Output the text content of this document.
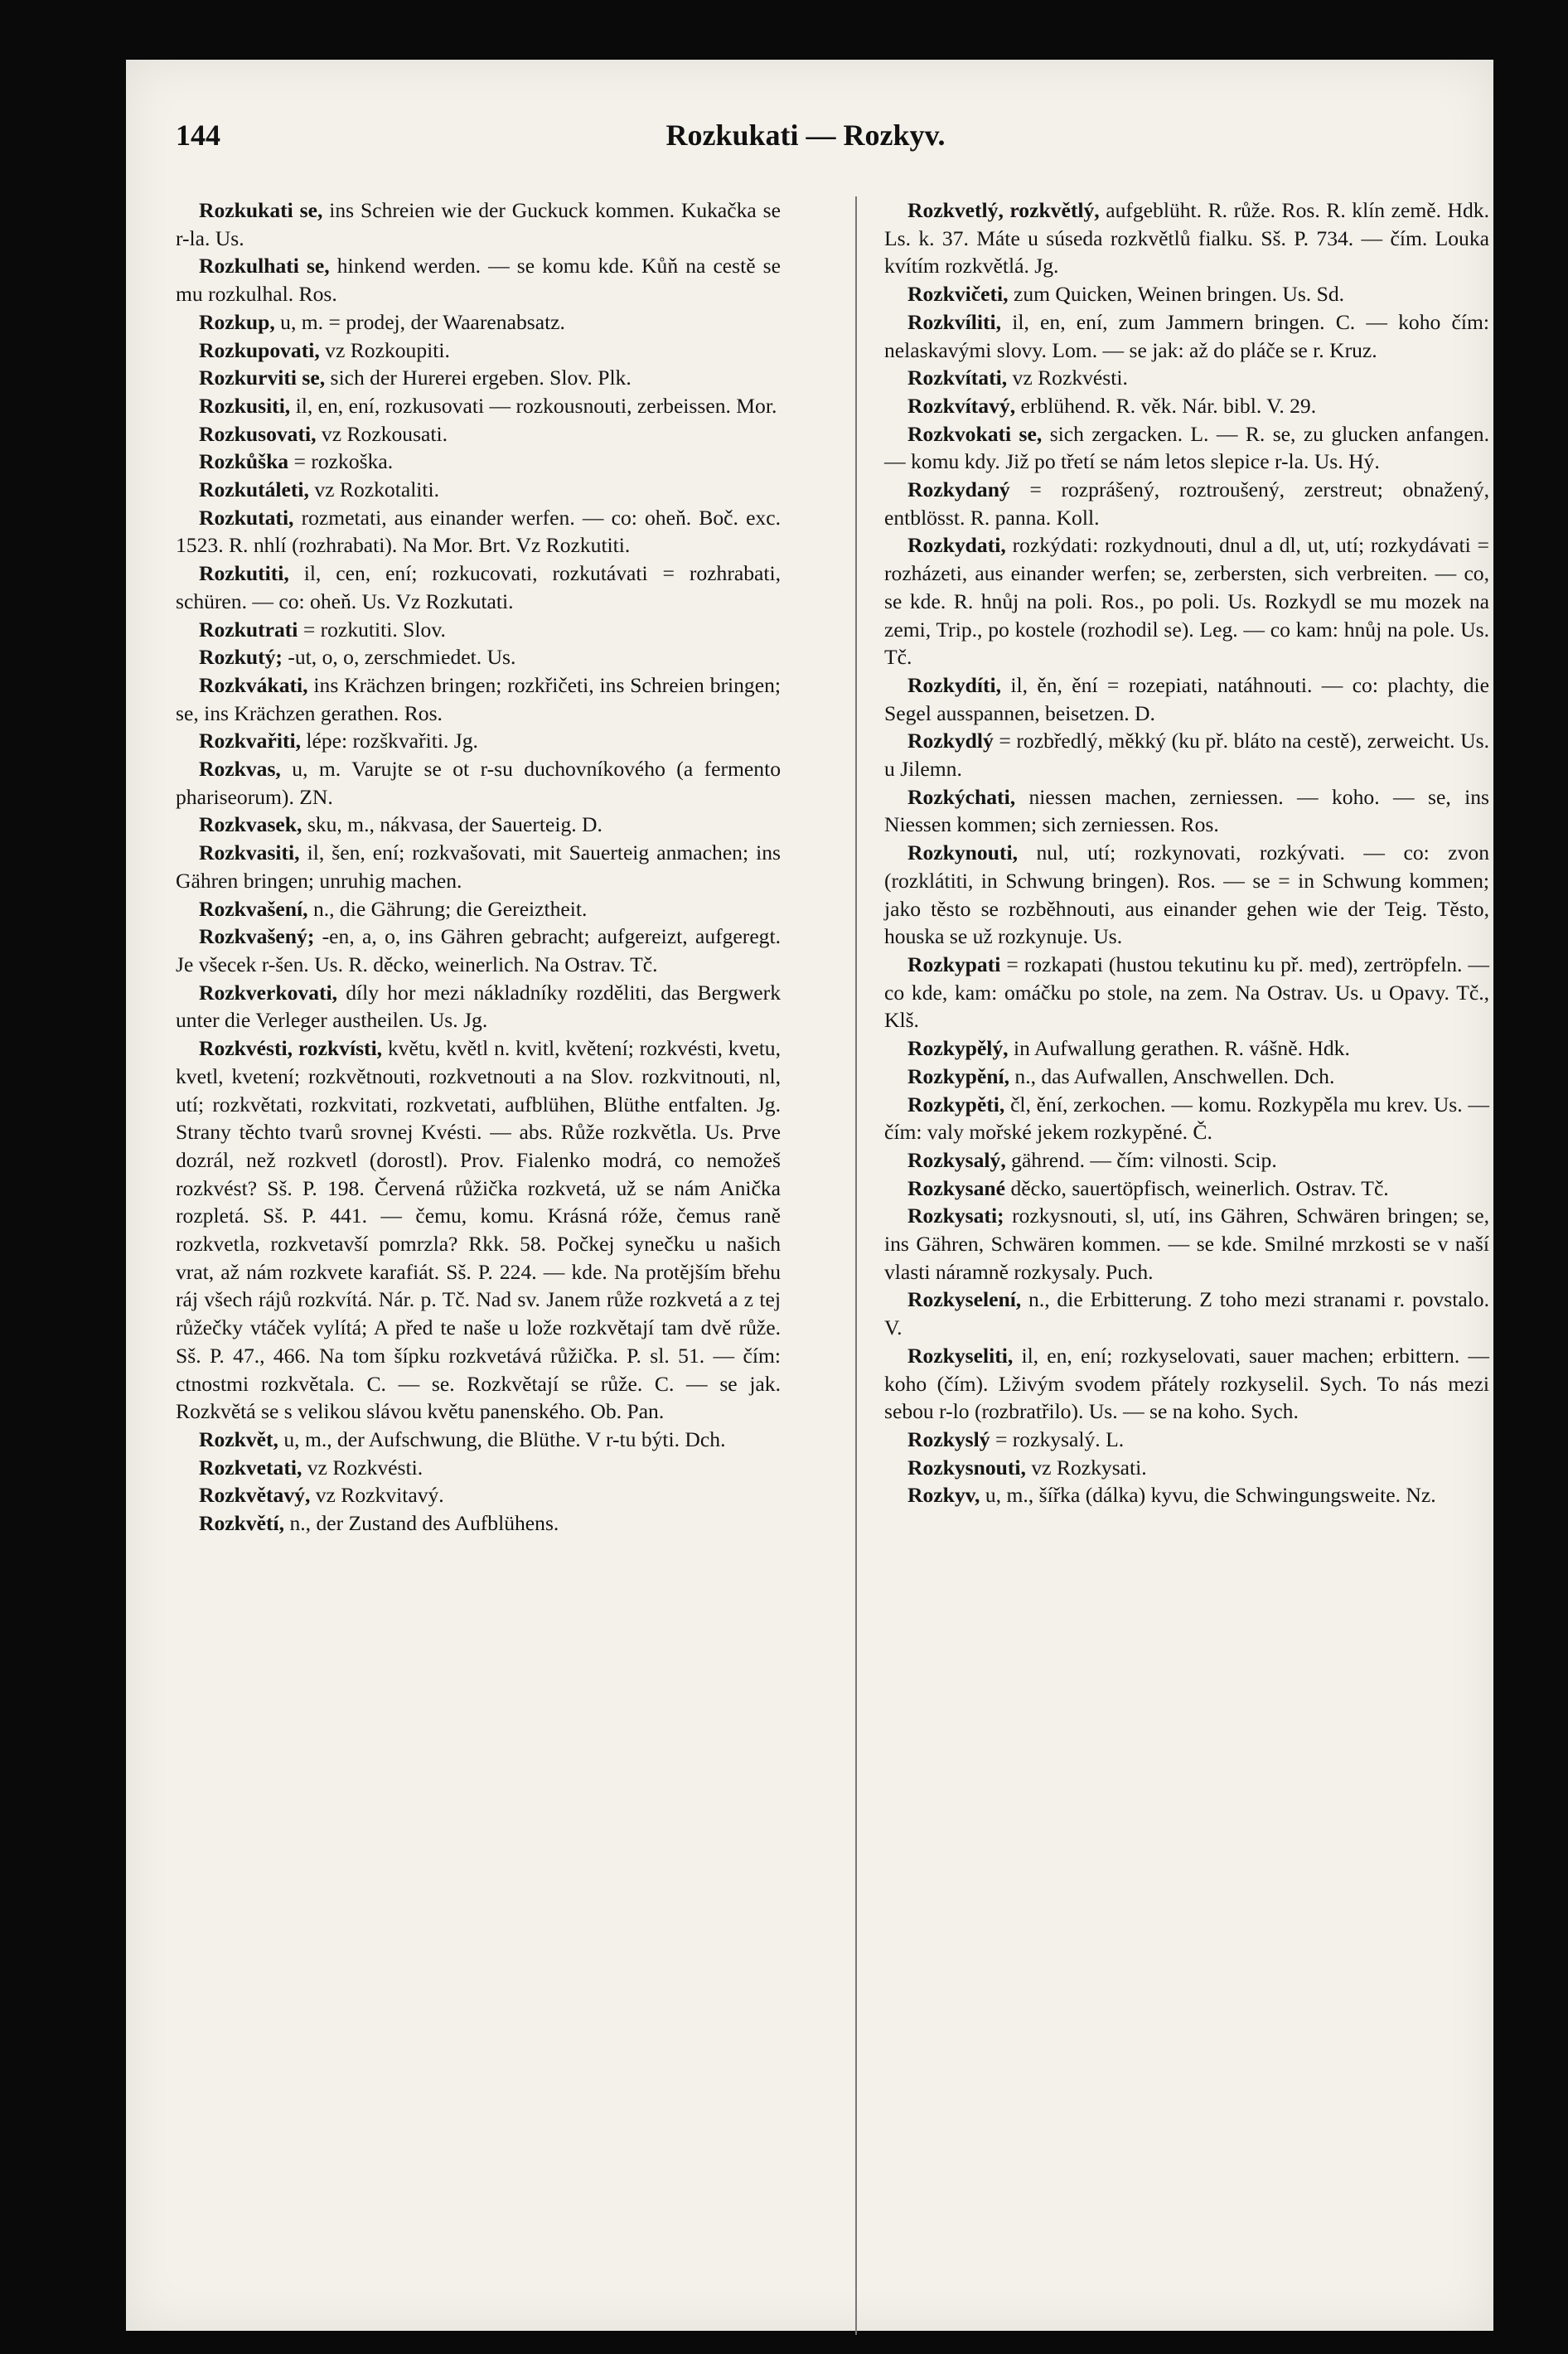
144	Rozkukati — Rozkyv.

Rozkukati se, ins Schreien wie der Guckuck kommen. Kukačka se r-la. Us.

Rozkulhati se, hinkend werden. — se komu kde. Kůň na cestě se mu rozkulhal. Ros.

Rozkup, u, m. = prodej, der Waarenabsatz.

Rozkupovati, vz Rozkoupiti.

Rozkurviti se, sich der Hurerei ergeben. Slov. Plk.

Rozkusiti, il, en, ení, rozkusovati — rozkousnouti, zerbeissen. Mor.

Rozkusovati, vz Rozkousati.

Rozkůška = rozkoška.

Rozkutáleti, vz Rozkotaliti.

Rozkutati, rozmetati, aus einander werfen. — co: oheň. Boč. exc. 1523. R. nhlí (rozhrabati). Na Mor. Brt. Vz Rozkutiti.

Rozkutiti, il, cen, ení; rozkucovati, rozkutávati = rozhrabati, schüren. — co: oheň. Us. Vz Rozkutati.

Rozkutrati = rozkutiti. Slov.

Rozkutý; -ut, o, o, zerschmiedet. Us.

Rozkvákati, ins Krächzen bringen; rozkřičeti, ins Schreien bringen; se, ins Krächzen gerathen. Ros.

Rozkvařiti, lépe: rozškvařiti. Jg.

Rozkvas, u, m. Varujte se ot r-su duchovníkového (a fermento phariseorum). ZN.

Rozkvasek, sku, m., nákvasa, der Sauerteig. D.

Rozkvasiti, il, šen, ení; rozkvašovati, mit Sauerteig anmachen; ins Gähren bringen; unruhig machen.

Rozkvašení, n., die Gährung; die Gereiztheit.

Rozkvašený; -en, a, o, ins Gähren gebracht; aufgereizt, aufgeregt. Je všecek r-šen. Us. R. děcko, weinerlich. Na Ostrav. Tč.

Rozkverkovati, díly hor mezi nákladníky rozděliti, das Bergwerk unter die Verleger austheilen. Us. Jg.

Rozkvésti, rozkvísti, květu, květl n. kvitl, květení; rozkvésti, kvetu, kvetl, kvetení; rozkvětnouti, rozkvetnouti a na Slov. rozkvitnouti, nl, utí; rozkvětati, rozkvitati, rozkvetati, aufblühen, Blüthe entfalten. Jg. Strany těchto tvarů srovnej Kvésti. — abs. Růže rozkvětla. Us. Prve dozrál, než rozkvetl (dorostl). Prov. Fialenko modrá, co nemožeš rozkvést? Sš. P. 198. Červená růžička rozkvetá, už se nám Anička rozpletá. Sš. P. 441. — čemu, komu. Krásná róže, čemus raně rozkvetla, rozkvetavší pomrzla? Rkk. 58. Počkej synečku u našich vrat, až nám rozkvete karafiát. Sš. P. 224. — kde. Na protějším břehu ráj všech rájů rozkvítá. Nár. p. Tč. Nad sv. Janem růže rozkvetá a z tej růžečky vtáček vylítá; A před te naše u lože rozkvětají tam dvě růže. Sš. P. 47., 466. Na tom šípku rozkvetává růžička. P. sl. 51. — čím: ctnostmi rozkvětala. C. — se. Rozkvětají se růže. C. — se jak. Rozkvětá se s velikou slávou květu panenského. Ob. Pan.

Rozkvět, u, m., der Aufschwung, die Blüthe. V r-tu býti. Dch.

Rozkvetati, vz Rozkvésti.

Rozkvětavý, vz Rozkvitavý.

Rozkvětí, n., der Zustand des Aufblühens.

Rozkvetlý, rozkvětlý, aufgeblüht. R. růže. Ros. R. klín země. Hdk. Ls. k. 37. Máte u súseda rozkvětlů fialku. Sš. P. 734. — čím. Louka kvítím rozkvětlá. Jg.

Rozkvičeti, zum Quicken, Weinen bringen. Us. Sd.

Rozkvíliti, il, en, ení, zum Jammern bringen. C. — koho čím: nelaskavými slovy. Lom. — se jak: až do pláče se r. Kruz.

Rozkvítati, vz Rozkvésti.

Rozkvítavý, erblühend. R. věk. Nár. bibl. V. 29.

Rozkvokati se, sich zergacken. L. — R. se, zu glucken anfangen. — komu kdy. Již po třetí se nám letos slepice r-la. Us. Hý.

Rozkydaný = rozprášený, roztroušený, zerstreut; obnažený, entblösst. R. panna. Koll.

Rozkydati, rozkýdati: rozkydnouti, dnul a dl, ut, utí; rozkydávati = rozházeti, aus einander werfen; se, zerbersten, sich verbreiten. — co, se kde. R. hnůj na poli. Ros., po poli. Us. Rozkydl se mu mozek na zemi, Trip., po kostele (rozhodil se). Leg. — co kam: hnůj na pole. Us. Tč.

Rozkydíti, il, ěn, ění = rozepiati, natáhnouti. — co: plachty, die Segel ausspannen, beisetzen. D.

Rozkydlý = rozbředlý, měkký (ku př. bláto na cestě), zerweicht. Us. u Jilemn.

Rozkýchati, niessen machen, zerniessen. — koho. — se, ins Niessen kommen; sich zerniessen. Ros.

Rozkynouti, nul, utí; rozkynovati, rozkývati. — co: zvon (rozklátiti, in Schwung bringen). Ros. — se = in Schwung kommen; jako těsto se rozběhnouti, aus einander gehen wie der Teig. Těsto, houska se už rozkynuje. Us.

Rozkypati = rozkapati (hustou tekutinu ku př. med), zertröpfeln. — co kde, kam: omáčku po stole, na zem. Na Ostrav. Us. u Opavy. Tč., Klš.

Rozkypělý, in Aufwallung gerathen. R. vášně. Hdk.

Rozkypění, n., das Aufwallen, Anschwellen. Dch.

Rozkypěti, čl, ění, zerkochen. — komu. Rozkypěla mu krev. Us. — čím: valy mořské jekem rozkypěné. Č.

Rozkysalý, gährend. — čím: vilnosti. Scip.

Rozkysané děcko, sauertöpfisch, weinerlich. Ostrav. Tč.

Rozkysati; rozkysnouti, sl, utí, ins Gähren, Schwären bringen; se, ins Gähren, Schwären kommen. — se kde. Smilné mrzkosti se v naší vlasti náramně rozkysaly. Puch.

Rozkyselení, n., die Erbitterung. Z toho mezi stranami r. povstalo. V.

Rozkyseliti, il, en, ení; rozkyselovati, sauer machen; erbittern. — koho (čím). Lživým svodem přátely rozkyselil. Sych. To nás mezi sebou r-lo (rozbratřilo). Us. — se na koho. Sych.

Rozkyslý = rozkysalý. L.

Rozkysnouti, vz Rozkysati.

Rozkyv, u, m., šířka (dálka) kyvu, die Schwingungsweite. Nz.
